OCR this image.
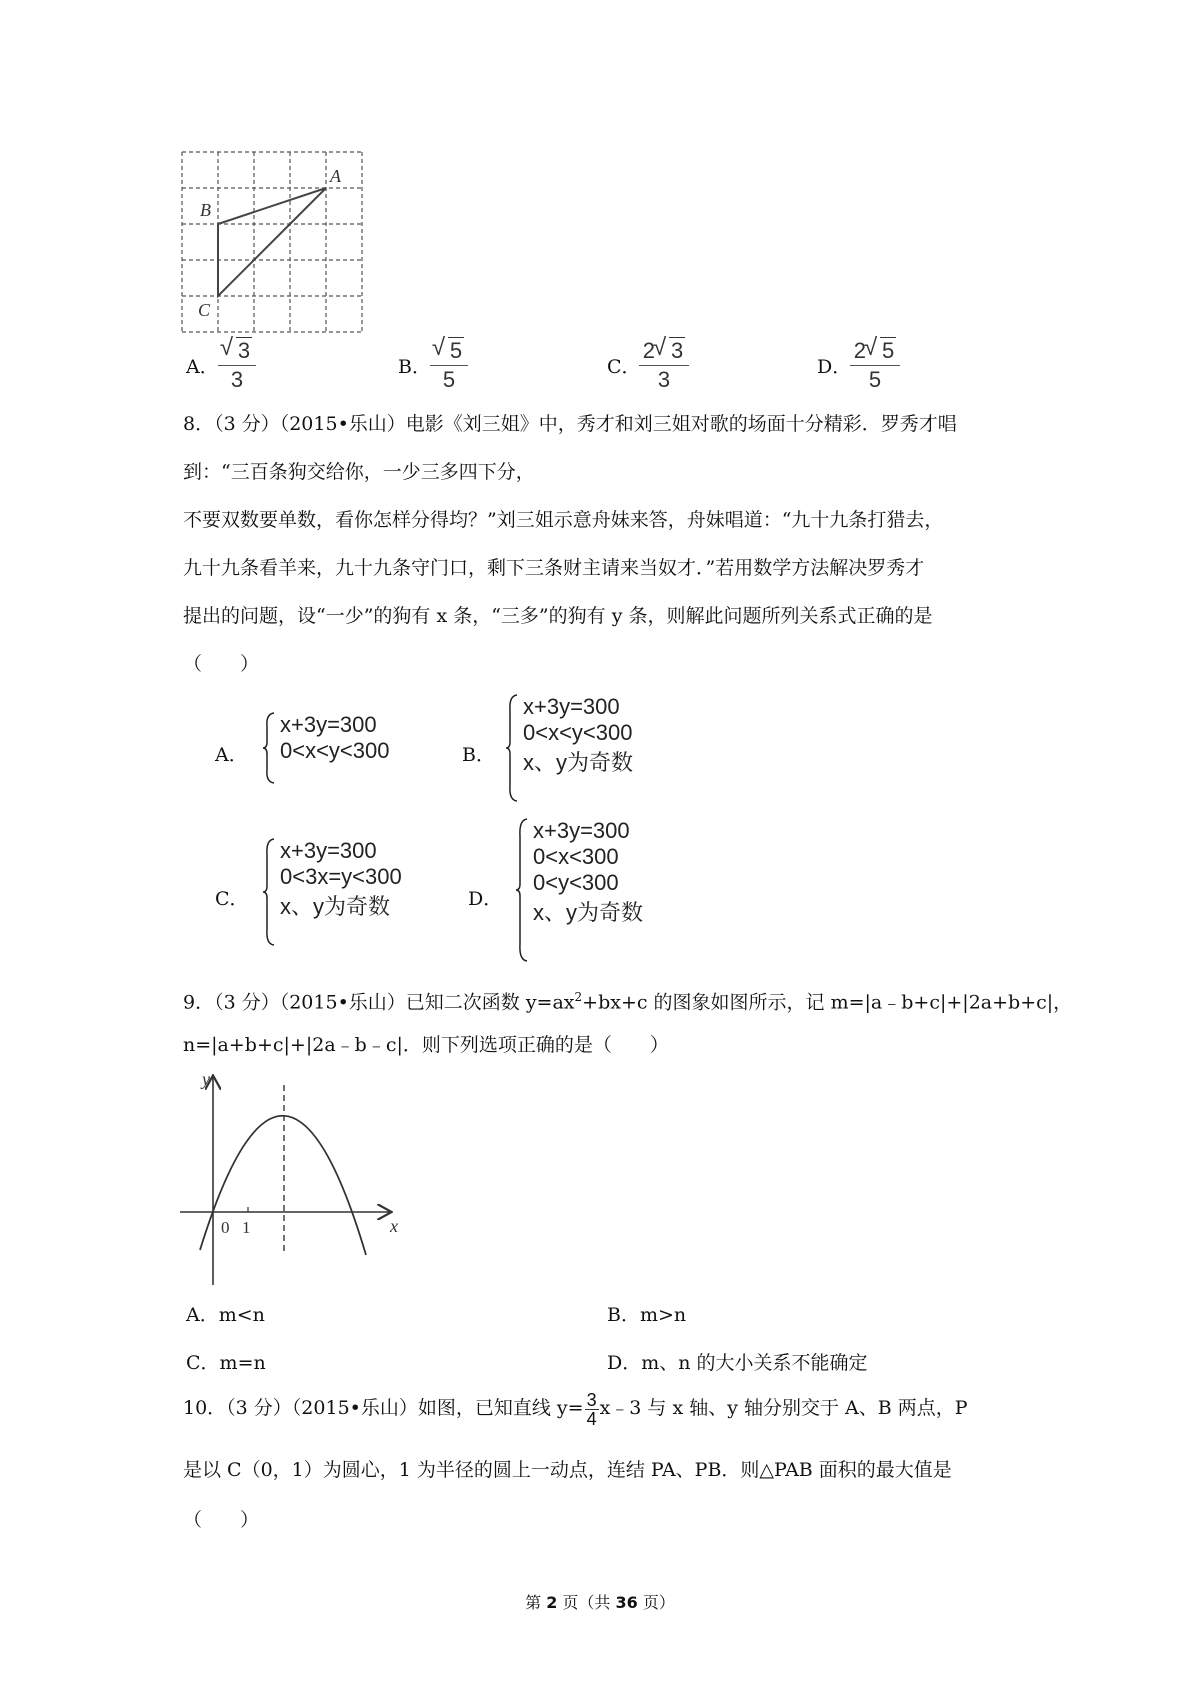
A
B
C
A．
√ 3
3	B．
√ 5
5	C．
2 √ 3
3	D．
2 √ 5
5
8．（3 分）（2015•乐山）电影《刘三姐》中，秀才和刘三姐对歌的场面十分精彩．罗秀才唱
到：“三百条狗交给你，一少三多四下分，
不要双数要单数，看你怎样分得均？”刘三姐示意舟妹来答，舟妹唱道：“九十九条打猎去，
九十九条看羊来，九十九条守门口，剩下三条财主请来当奴才．”若用数学方法解决罗秀才
提出的问题，设“一少”的狗有 x 条，“三多”的狗有 y 条，则解此问题所列关系式正确的是
（　　）
A．
x+3y=300
0<x<y<300	B．
x+3y=300
0<x<y<300
x、y为奇数
C．
x+3y=300
0<3x=y<300
x、y为奇数	D．
x+3y=300
0<x<300
0<y<300
x、y为奇数
9．（3 分）（2015•乐山）已知二次函数 $y=ax^2+bx+c$ 的图象如图所示，记 m=|a﹣b+c|+|2a+b+c|，
n=|a+b+c|+|2a﹣b﹣c|．则下列选项正确的是（　　）
y
x
0 1
A．m<n	B．m>n
C．m=n	D．m、n 的大小关系不能确定
10．（3 分）（2015•乐山）如图，已知直线 $y= \frac{3}{4}$ x﹣3 与 x 轴、y 轴分别交于 A、B 两点，P
是以 C（0，1）为圆心，1 为半径的圆上一动点，连结 PA、PB．则△PAB 面积的最大值是
（　　）
第 2 页（共 36 页）
